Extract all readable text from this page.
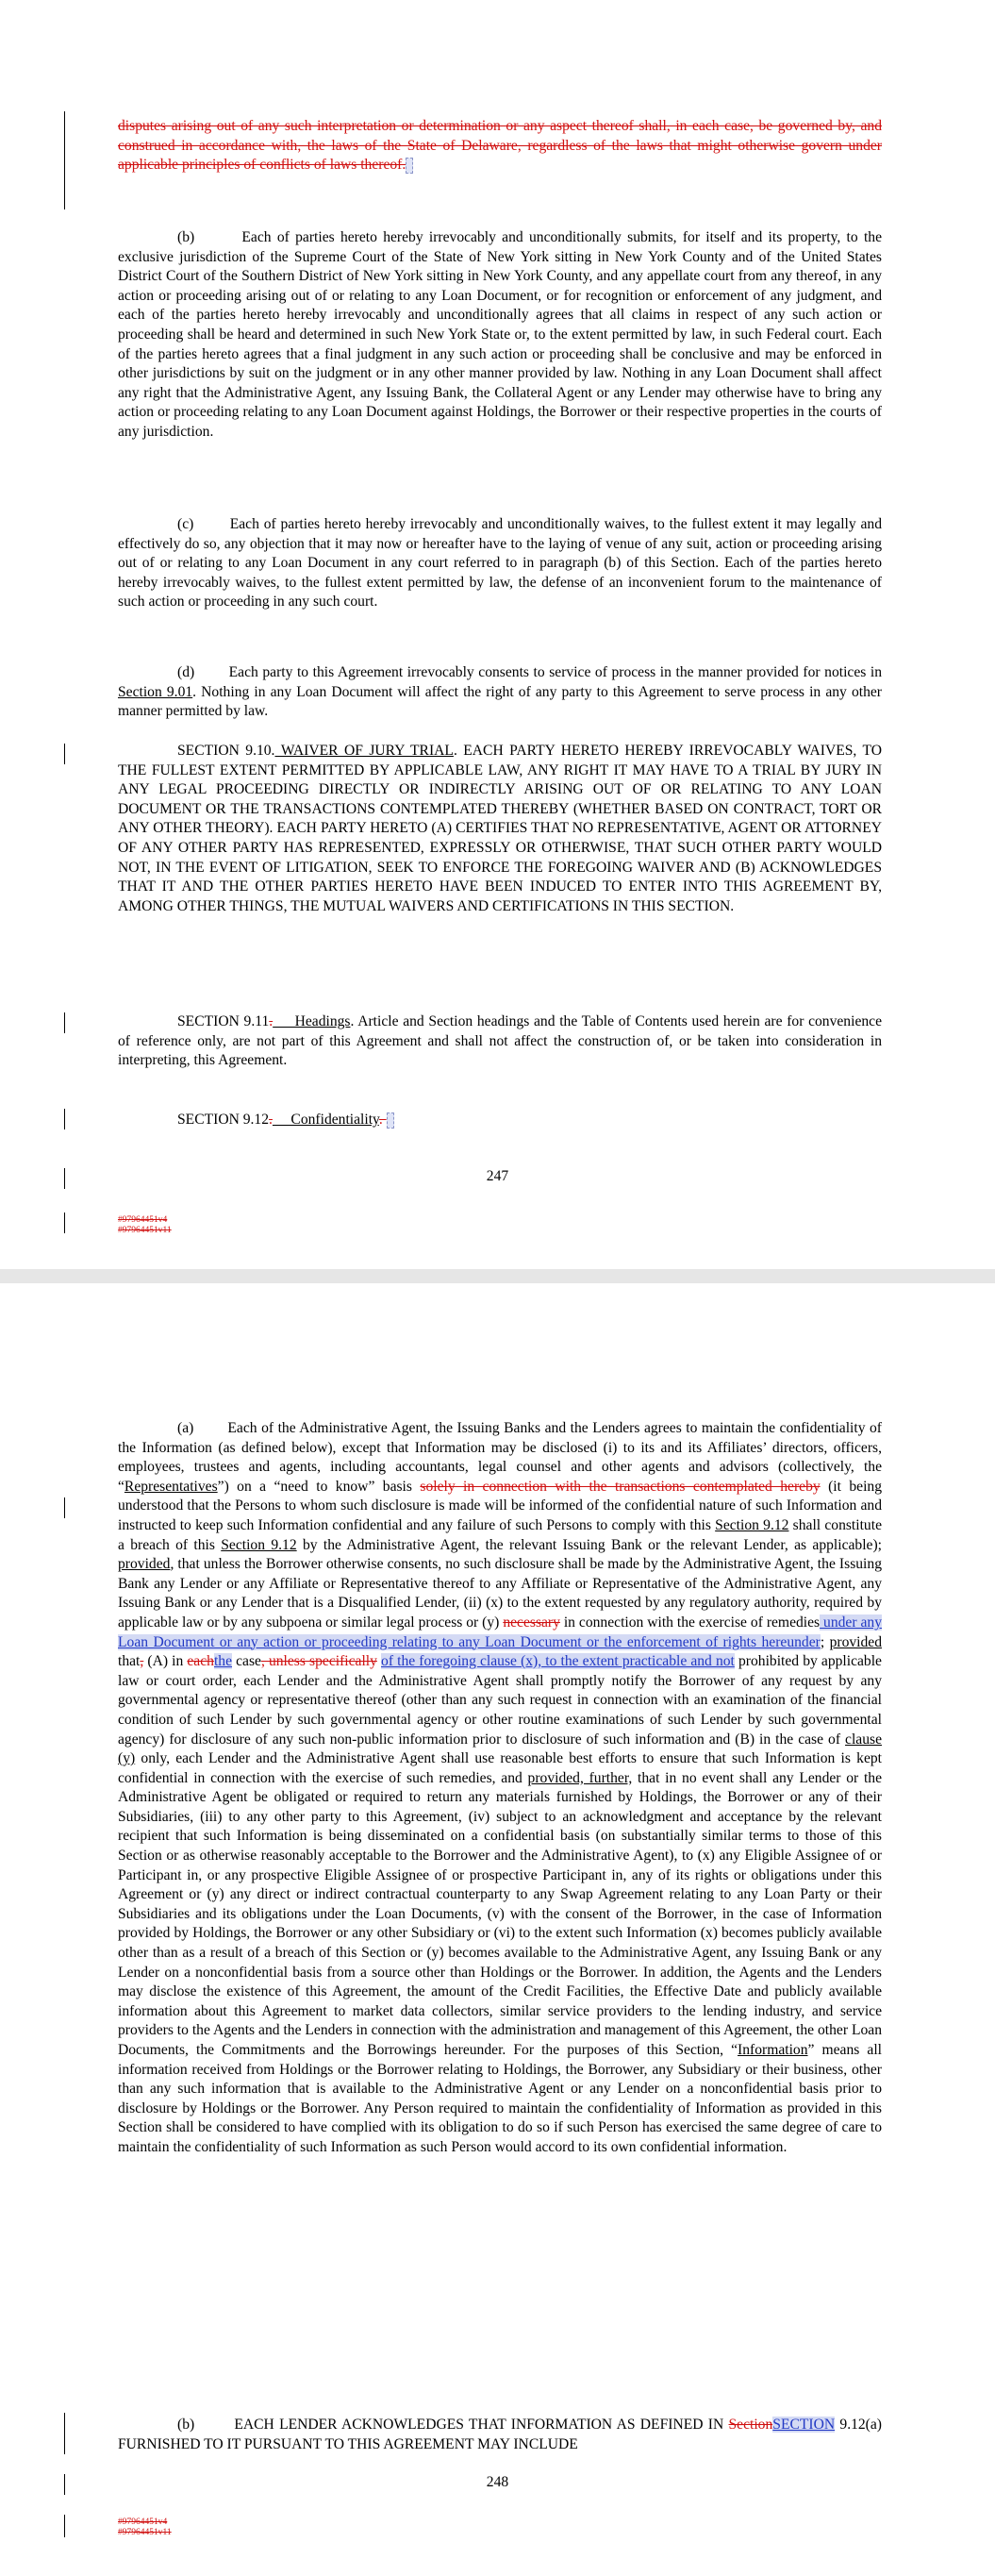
disputes arising out of any such interpretation or determination or any aspect thereof shall, in each case, be governed by, and construed in accordance with, the laws of the State of Delaware, regardless of the laws that might otherwise govern under applicable principles of conflicts of laws thereof.
(b)        Each of parties hereto hereby irrevocably and unconditionally submits, for itself and its property, to the exclusive jurisdiction of the Supreme Court of the State of New York sitting in New York County and of the United States District Court of the Southern District of New York sitting in New York County, and any appellate court from any thereof, in any action or proceeding arising out of or relating to any Loan Document, or for recognition or enforcement of any judgment, and each of the parties hereto hereby irrevocably and unconditionally agrees that all claims in respect of any such action or proceeding shall be heard and determined in such New York State or, to the extent permitted by law, in such Federal court. Each of the parties hereto agrees that a final judgment in any such action or proceeding shall be conclusive and may be enforced in other jurisdictions by suit on the judgment or in any other manner provided by law. Nothing in any Loan Document shall affect any right that the Administrative Agent, any Issuing Bank, the Collateral Agent or any Lender may otherwise have to bring any action or proceeding relating to any Loan Document against Holdings, the Borrower or their respective properties in the courts of any jurisdiction.
(c)        Each of parties hereto hereby irrevocably and unconditionally waives, to the fullest extent it may legally and effectively do so, any objection that it may now or hereafter have to the laying of venue of any suit, action or proceeding arising out of or relating to any Loan Document in any court referred to in paragraph (b) of this Section. Each of the parties hereto hereby irrevocably waives, to the fullest extent permitted by law, the defense of an inconvenient forum to the maintenance of such action or proceeding in any such court.
(d)        Each party to this Agreement irrevocably consents to service of process in the manner provided for notices in Section 9.01. Nothing in any Loan Document will affect the right of any party to this Agreement to serve process in any other manner permitted by law.
SECTION 9.10. WAIVER OF JURY TRIAL. EACH PARTY HERETO HEREBY IRREVOCABLY WAIVES, TO THE FULLEST EXTENT PERMITTED BY APPLICABLE LAW, ANY RIGHT IT MAY HAVE TO A TRIAL BY JURY IN ANY LEGAL PROCEEDING DIRECTLY OR INDIRECTLY ARISING OUT OF OR RELATING TO ANY LOAN DOCUMENT OR THE TRANSACTIONS CONTEMPLATED THEREBY (WHETHER BASED ON CONTRACT, TORT OR ANY OTHER THEORY). EACH PARTY HERETO (A) CERTIFIES THAT NO REPRESENTATIVE, AGENT OR ATTORNEY OF ANY OTHER PARTY HAS REPRESENTED, EXPRESSLY OR OTHERWISE, THAT SUCH OTHER PARTY WOULD NOT, IN THE EVENT OF LITIGATION, SEEK TO ENFORCE THE FOREGOING WAIVER AND (B) ACKNOWLEDGES THAT IT AND THE OTHER PARTIES HERETO HAVE BEEN INDUCED TO ENTER INTO THIS AGREEMENT BY, AMONG OTHER THINGS, THE MUTUAL WAIVERS AND CERTIFICATIONS IN THIS SECTION.
SECTION 9.11.     Headings. Article and Section headings and the Table of Contents used herein are for convenience of reference only, are not part of this Agreement and shall not affect the construction of, or be taken into consideration in interpreting, this Agreement.
SECTION 9.12.     Confidentiality.
247
#97964451v4
#97964451v11
(a)        Each of the Administrative Agent, the Issuing Banks and the Lenders agrees to maintain the confidentiality of the Information (as defined below), except that Information may be disclosed (i) to its and its Affiliates’ directors, officers, employees, trustees and agents, including accountants, legal counsel and other agents and advisors (collectively, the “Representatives”) on a “need to know” basis solely in connection with the transactions contemplated hereby (it being understood that the Persons to whom such disclosure is made will be informed of the confidential nature of such Information and instructed to keep such Information confidential and any failure of such Persons to comply with this Section 9.12 shall constitute a breach of this Section 9.12 by the Administrative Agent, the relevant Issuing Bank or the relevant Lender, as applicable); provided, that unless the Borrower otherwise consents, no such disclosure shall be made by the Administrative Agent, the Issuing Bank any Lender or any Affiliate or Representative thereof to any Affiliate or Representative of the Administrative Agent, any Issuing Bank or any Lender that is a Disqualified Lender, (ii) (x) to the extent requested by any regulatory authority, required by applicable law or by any subpoena or similar legal process or (y) necessary in connection with the exercise of remedies under any Loan Document or any action or proceeding relating to any Loan Document or the enforcement of rights hereunder; provided that, (A) in eachthe case, unless specifically of the foregoing clause (x), to the extent practicable and not prohibited by applicable law or court order, each Lender and the Administrative Agent shall promptly notify the Borrower of any request by any governmental agency or representative thereof (other than any such request in connection with an examination of the financial condition of such Lender by such governmental agency or other routine examinations of such Lender by such governmental agency) for disclosure of any such non-public information prior to disclosure of such information and (B) in the case of clause (y) only, each Lender and the Administrative Agent shall use reasonable best efforts to ensure that such Information is kept confidential in connection with the exercise of such remedies, and provided, further, that in no event shall any Lender or the Administrative Agent be obligated or required to return any materials furnished by Holdings, the Borrower or any of their Subsidiaries, (iii) to any other party to this Agreement, (iv) subject to an acknowledgment and acceptance by the relevant recipient that such Information is being disseminated on a confidential basis (on substantially similar terms to those of this Section or as otherwise reasonably acceptable to the Borrower and the Administrative Agent), to (x) any Eligible Assignee of or Participant in, or any prospective Eligible Assignee of or prospective Participant in, any of its rights or obligations under this Agreement or (y) any direct or indirect contractual counterparty to any Swap Agreement relating to any Loan Party or their Subsidiaries and its obligations under the Loan Documents, (v) with the consent of the Borrower, in the case of Information provided by Holdings, the Borrower or any other Subsidiary or (vi) to the extent such Information (x) becomes publicly available other than as a result of a breach of this Section or (y) becomes available to the Administrative Agent, any Issuing Bank or any Lender on a nonconfidential basis from a source other than Holdings or the Borrower. In addition, the Agents and the Lenders may disclose the existence of this Agreement, the amount of the Credit Facilities, the Effective Date and publicly available information about this Agreement to market data collectors, similar service providers to the lending industry, and service providers to the Agents and the Lenders in connection with the administration and management of this Agreement, the other Loan Documents, the Commitments and the Borrowings hereunder. For the purposes of this Section, “Information” means all information received from Holdings or the Borrower relating to Holdings, the Borrower, any Subsidiary or their business, other than any such information that is available to the Administrative Agent or any Lender on a nonconfidential basis prior to disclosure by Holdings or the Borrower. Any Person required to maintain the confidentiality of Information as provided in this Section shall be considered to have complied with its obligation to do so if such Person has exercised the same degree of care to maintain the confidentiality of such Information as such Person would accord to its own confidential information.
(b)        EACH LENDER ACKNOWLEDGES THAT INFORMATION AS DEFINED IN SectionSECTION 9.12(a) FURNISHED TO IT PURSUANT TO THIS AGREEMENT MAY INCLUDE
248
#97964451v4
#97964451v11
